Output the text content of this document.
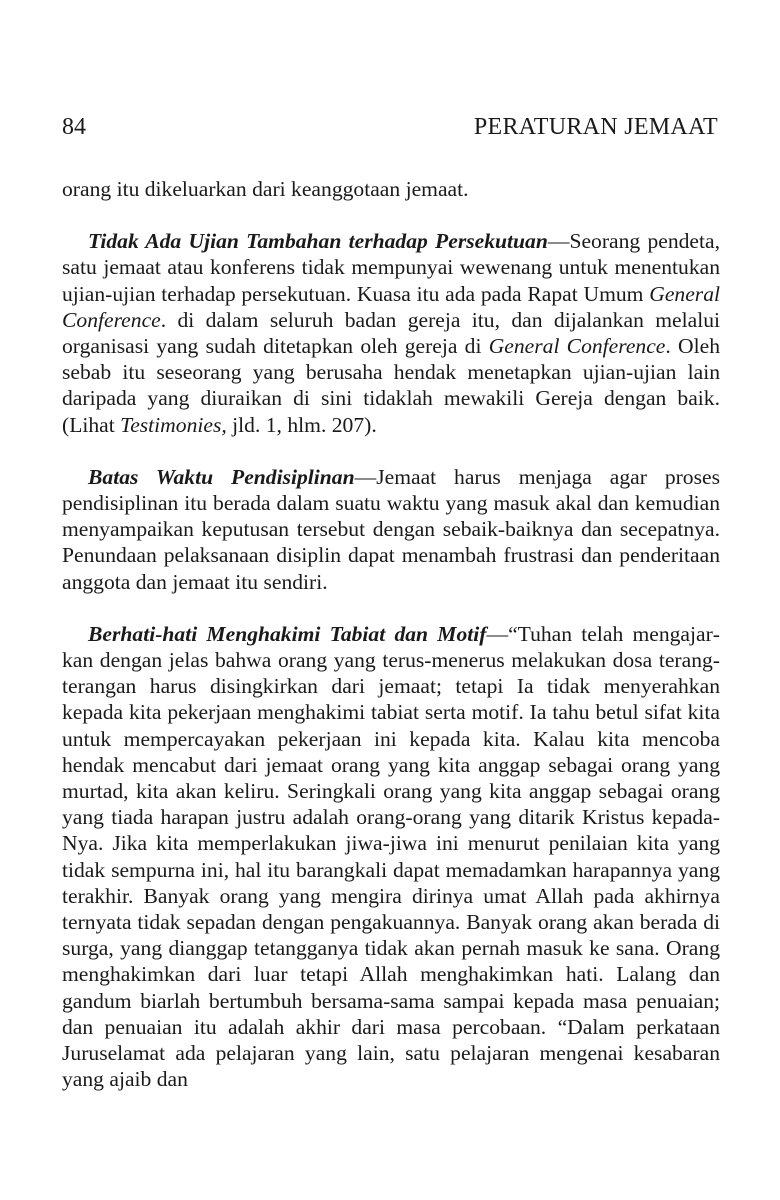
84	PERATURAN JEMAAT

orang itu dikeluarkan dari keanggotaan jemaat.

Tidak Ada Ujian Tambahan terhadap Persekutuan—Seorang pendeta, satu jemaat atau konferens tidak mempunyai wewenang untuk menentukan ujian-ujian terhadap persekutuan. Kuasa itu ada pada Rapat Umum General Conference. di dalam seluruh badan gereja itu, dan dijalankan melalui organisasi yang sudah ditetapkan oleh gereja di General Conference. Oleh sebab itu seseorang yang berusaha hendak menetapkan ujian-ujian lain daripada yang diuraikan di sini tidaklah mewakili Gereja dengan baik. (Lihat Testimonies, jld. 1, hlm. 207).

Batas Waktu Pendisiplinan—Jemaat harus menjaga agar proses pendisiplinan itu berada dalam suatu waktu yang masuk akal dan kemudian menyampaikan keputusan tersebut dengan sebaik-baiknya dan secepatnya. Penundaan pelaksanaan disiplin dapat menambah frustrasi dan penderitaan anggota dan jemaat itu sendiri.

Berhati-hati Menghakimi Tabiat dan Motif—“Tuhan telah mengajarkan dengan jelas bahwa orang yang terus-menerus melakukan dosa terang-terangan harus disingkirkan dari jemaat; tetapi Ia tidak menyerahkan kepada kita pekerjaan menghakimi tabiat serta motif. Ia tahu betul sifat kita untuk mempercayakan pekerjaan ini kepada kita. Kalau kita mencoba hendak mencabut dari jemaat orang yang kita anggap sebagai orang yang murtad, kita akan keliru. Seringkali orang yang kita anggap sebagai orang yang tiada harapan justru adalah orang-orang yang ditarik Kristus kepada-Nya. Jika kita memperlakukan jiwa-jiwa ini menurut penilaian kita yang tidak sempurna ini, hal itu barangkali dapat memadamkan harapannya yang terakhir. Banyak orang yang mengira dirinya umat Allah pada akhirnya ternyata tidak sepadan dengan pengakuannya. Banyak orang akan berada di surga, yang dianggap tetangganya tidak akan pernah masuk ke sana. Orang menghakimkan dari luar tetapi Allah menghakimkan hati. Lalang dan gandum biarlah bertumbuh bersama-sama sampai kepada masa penuaian; dan penuaian itu adalah akhir dari masa percobaan. “Dalam perkataan Juruselamat ada pelajaran yang lain, satu pelajaran mengenai kesabaran yang ajaib dan
